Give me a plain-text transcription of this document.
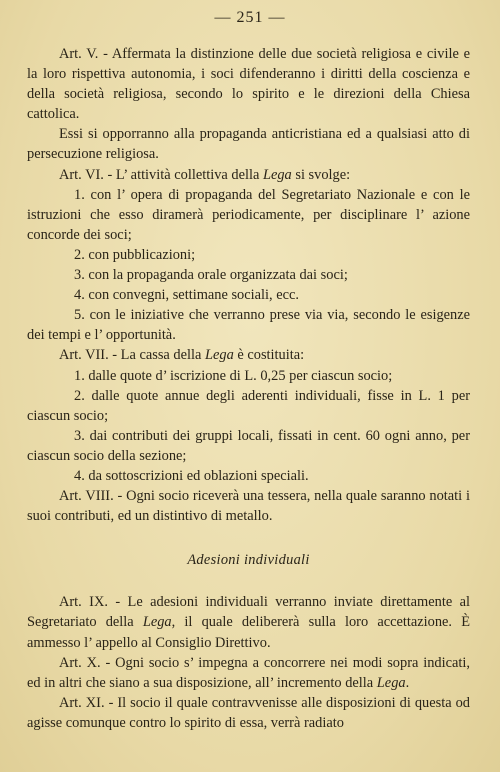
— 251 —

Art. V. - Affermata la distinzione delle due società religiosa e civile e la loro rispettiva autonomia, i soci difenderanno i diritti della coscienza e della società religiosa, secondo lo spirito e le direzioni della Chiesa cattolica.

Essi si opporranno alla propaganda anticristiana ed a qualsiasi atto di persecuzione religiosa.

Art. VI. - L’ attività collettiva della Lega si svolge:

1. con l’ opera di propaganda del Segretariato Nazionale e con le istruzioni che esso diramerà periodicamente, per disciplinare l’ azione concorde dei soci;

2. con pubblicazioni;

3. con la propaganda orale organizzata dai soci;

4. con convegni, settimane sociali, ecc.

5. con le iniziative che verranno prese via via, secondo le esigenze dei tempi e l’ opportunità.

Art. VII. - La cassa della Lega è costituita:

1. dalle quote d’ iscrizione di L. 0,25 per ciascun socio;

2. dalle quote annue degli aderenti individuali, fisse in L. 1 per ciascun socio;

3. dai contributi dei gruppi locali, fissati in cent. 60 ogni anno, per ciascun socio della sezione;

4. da sottoscrizioni ed oblazioni speciali.

Art. VIII. - Ogni socio riceverà una tessera, nella quale saranno notati i suoi contributi, ed un distintivo di metallo.

Adesioni individuali

Art. IX. - Le adesioni individuali verranno inviate direttamente al Segretariato della Lega, il quale delibererà sulla loro accettazione. È ammesso l’ appello al Consiglio Direttivo.

Art. X. - Ogni socio s’ impegna a concorrere nei modi sopra indicati, ed in altri che siano a sua disposizione, all’ incremento della Lega.

Art. XI. - Il socio il quale contravvenisse alle disposizioni di questa od agisse comunque contro lo spirito di essa, verrà radiato
